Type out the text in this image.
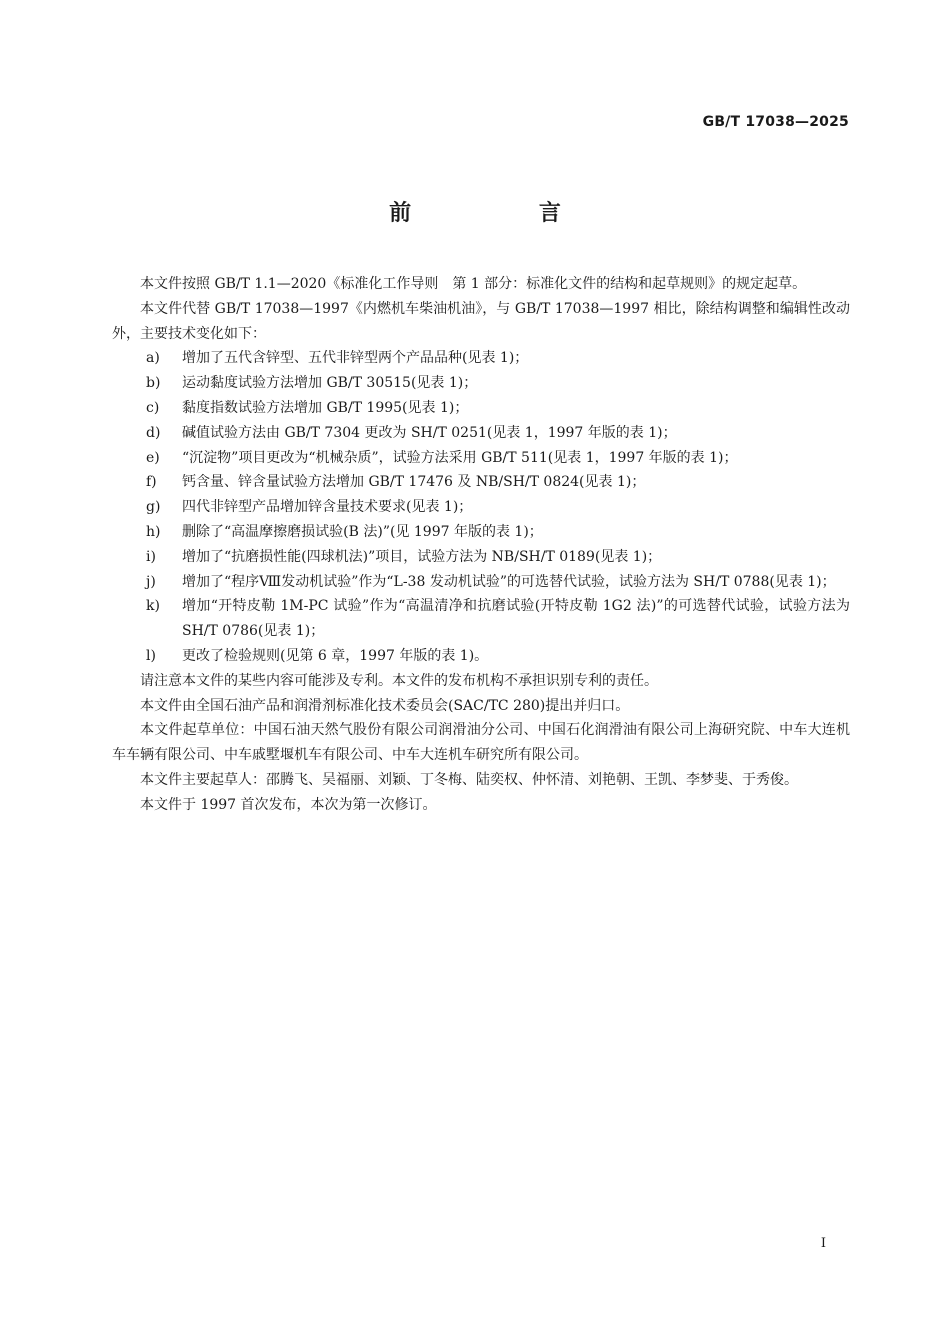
GB/T 17038—2025
前 言

本文件按照 GB/T 1.1—2020《标准化工作导则　第 1 部分：标准化文件的结构和起草规则》的规定起草。

本文件代替 GB/T 17038—1997《内燃机车柴油机油》，与 GB/T 17038—1997 相比，除结构调整和编辑性改动外，主要技术变化如下：

a)	增加了五代含锌型、五代非锌型两个产品品种(见表 1)；
b)	运动黏度试验方法增加 GB/T 30515(见表 1)；
c)	黏度指数试验方法增加 GB/T 1995(见表 1)；
d)	碱值试验方法由 GB/T 7304 更改为 SH/T 0251(见表 1，1997 年版的表 1)；
e)	“沉淀物”项目更改为“机械杂质”，试验方法采用 GB/T 511(见表 1，1997 年版的表 1)；
f)	钙含量、锌含量试验方法增加 GB/T 17476 及 NB/SH/T 0824(见表 1)；
g)	四代非锌型产品增加锌含量技术要求(见表 1)；
h)	删除了“高温摩擦磨损试验(B 法)”(见 1997 年版的表 1)；
i)	增加了“抗磨损性能(四球机法)”项目，试验方法为 NB/SH/T 0189(见表 1)；
j)	增加了“程序Ⅷ发动机试验”作为“L-38 发动机试验”的可选替代试验，试验方法为 SH/T 0788(见表 1)；
k)	增加“开特皮勒 1M-PC 试验”作为“高温清净和抗磨试验(开特皮勒 1G2 法)”的可选替代试验，试验方法为 SH/T 0786(见表 1)；
l)	更改了检验规则(见第 6 章，1997 年版的表 1)。

请注意本文件的某些内容可能涉及专利。本文件的发布机构不承担识别专利的责任。

本文件由全国石油产品和润滑剂标准化技术委员会(SAC/TC 280)提出并归口。

本文件起草单位：中国石油天然气股份有限公司润滑油分公司、中国石化润滑油有限公司上海研究院、中车大连机车车辆有限公司、中车戚墅堰机车有限公司、中车大连机车研究所有限公司。

本文件主要起草人：邵腾飞、吴福丽、刘颖、丁冬梅、陆奕权、仲怀清、刘艳朝、王凯、李梦斐、于秀俊。

本文件于 1997 首次发布，本次为第一次修订。

I
